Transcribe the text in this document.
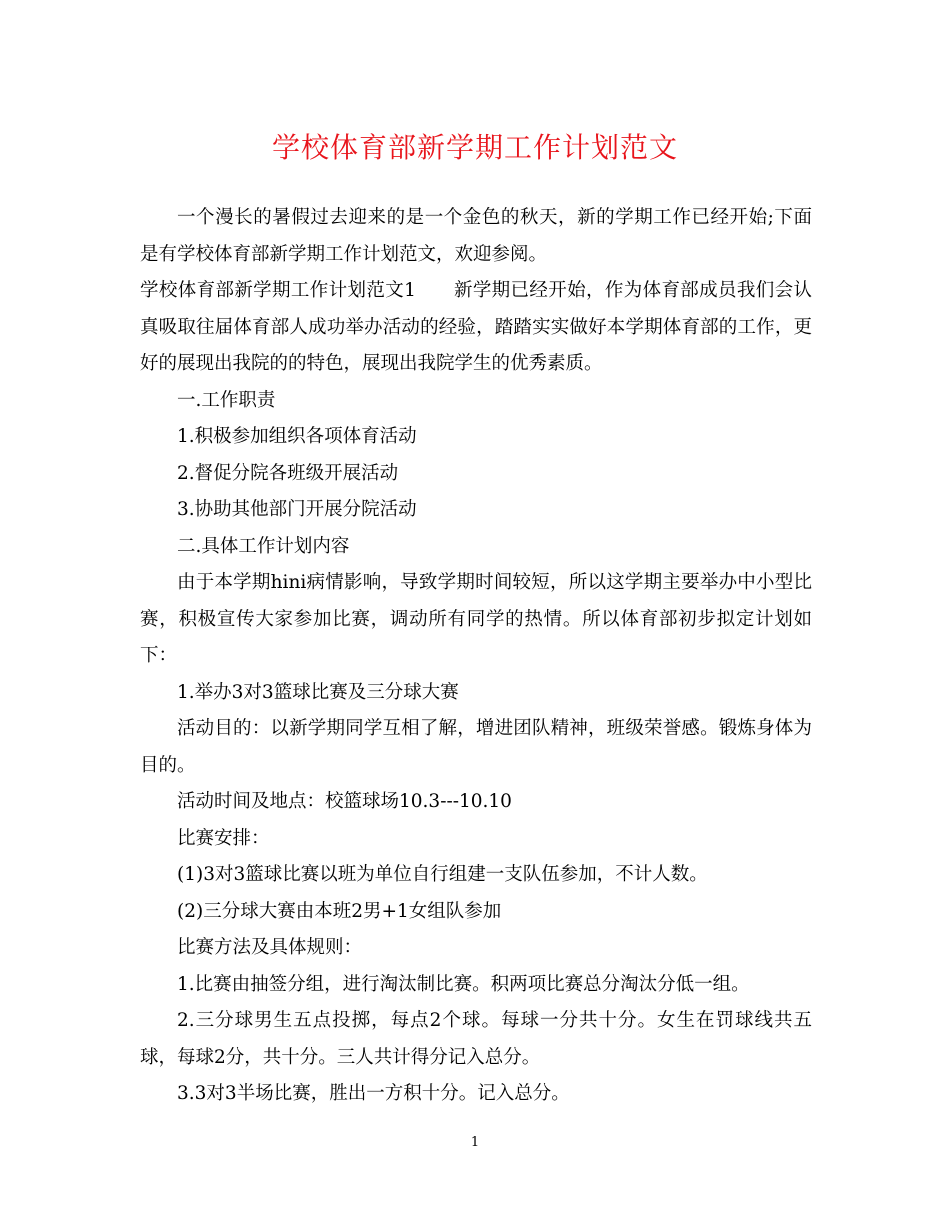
学校体育部新学期工作计划范文

一个漫长的暑假过去迎来的是一个金色的秋天，新的学期工作已经开始;下面是有学校体育部新学期工作计划范文，欢迎参阅。

学校体育部新学期工作计划范文1　　新学期已经开始，作为体育部成员我们会认真吸取往届体育部人成功举办活动的经验，踏踏实实做好本学期体育部的工作，更好的展现出我院的的特色，展现出我院学生的优秀素质。

一.工作职责

1.积极参加组织各项体育活动

2.督促分院各班级开展活动

3.协助其他部门开展分院活动

二.具体工作计划内容

由于本学期hini病情影响，导致学期时间较短，所以这学期主要举办中小型比赛，积极宣传大家参加比赛，调动所有同学的热情。所以体育部初步拟定计划如下：

1.举办3对3篮球比赛及三分球大赛

活动目的：以新学期同学互相了解，增进团队精神，班级荣誉感。锻炼身体为目的。

活动时间及地点：校篮球场10.3---10.10

比赛安排：

(1)3对3篮球比赛以班为单位自行组建一支队伍参加，不计人数。

(2)三分球大赛由本班2男+1女组队参加

比赛方法及具体规则：

1.比赛由抽签分组，进行淘汰制比赛。积两项比赛总分淘汰分低一组。

2.三分球男生五点投掷，每点2个球。每球一分共十分。女生在罚球线共五球，每球2分，共十分。三人共计得分记入总分。

3.3对3半场比赛，胜出一方积十分。记入总分。

1
